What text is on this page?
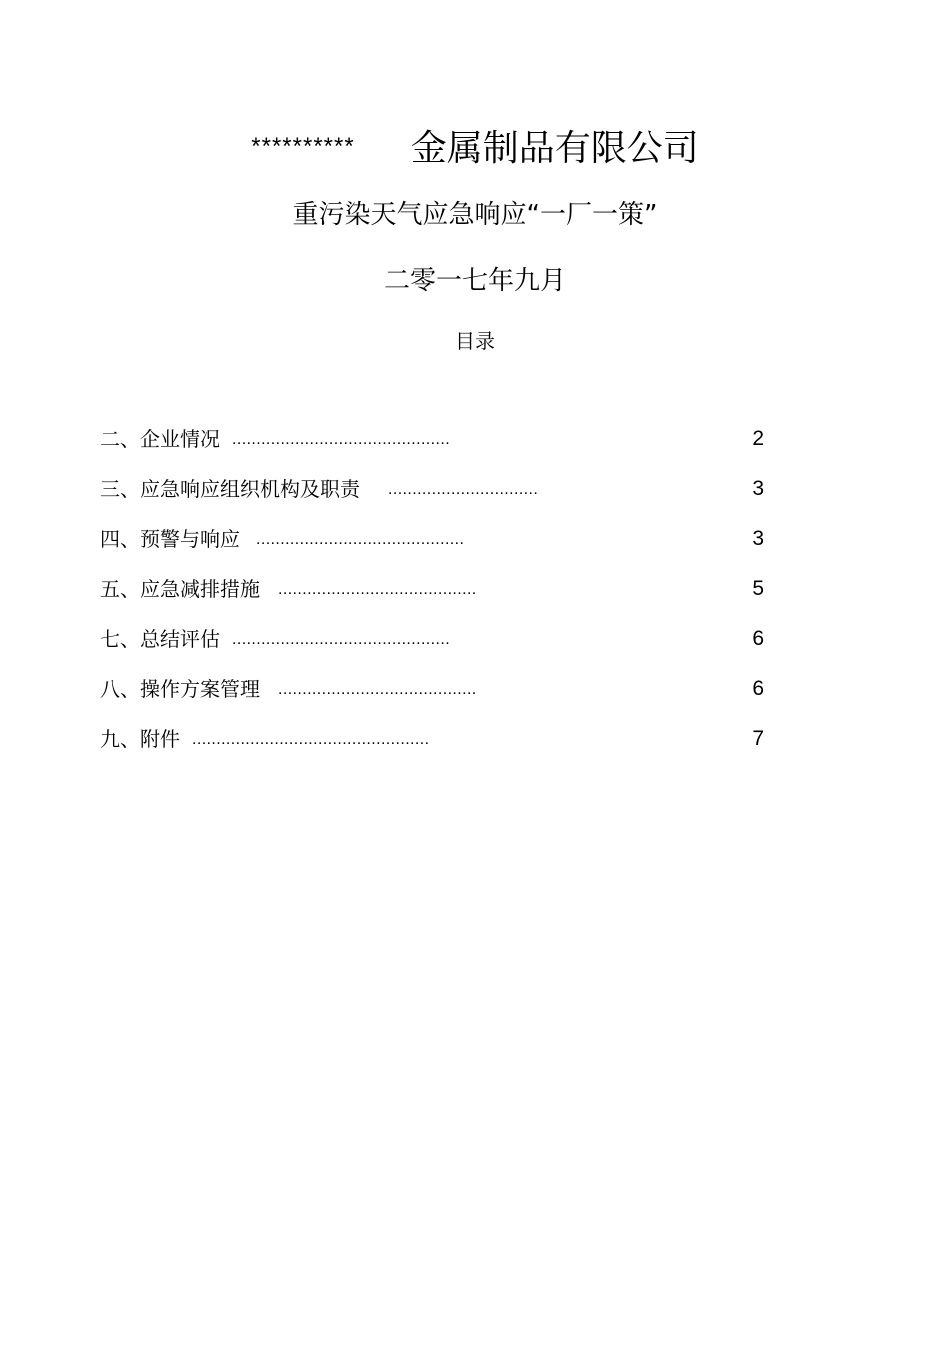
********** 金属制品有限公司
重污染天气应急响应“一厂一策”
二零一七年九月
目录
二、企业情况 .............................................	2
三、应急响应组织机构及职责 ...............................	3
四、预警与响应 ...........................................	3
五、应急减排措施 .........................................	5
七、总结评估 .............................................	6
八、操作方案管理 .........................................	6
九、附件 .................................................	7
